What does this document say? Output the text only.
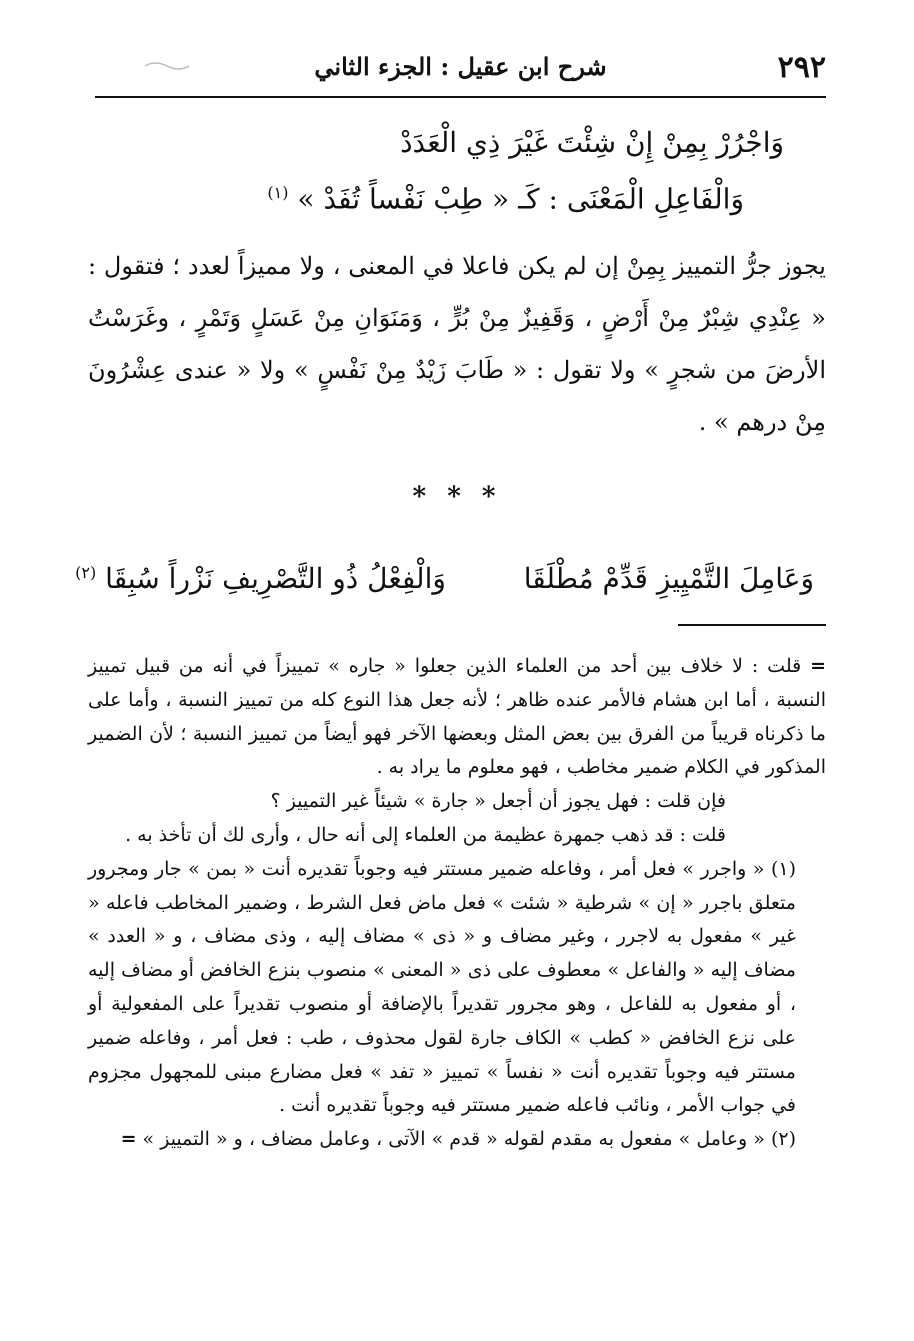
٢٩٢
شرح ابن عقيل : الجزء الثاني
وَاجْرُرْ بِمِنْ إِنْ شِئْتَ غَيْرَ ذِي الْعَدَدْ
وَالْفَاعِلِ الْمَعْنَى : كَـ « طِبْ نَفْساً تُفَدْ » $^{(١)}$
يجوز جرُّ التمييز بِمِنْ إن لم يكن فاعلا في المعنى ، ولا مميزاً لعدد ؛ فتقول : « عِنْدِي شِبْرٌ مِنْ أَرْضٍ ، وَقَفِيزٌ مِنْ بُرٍّ ، وَمَنَوَانِ مِنْ عَسَلٍ وَتَمْرٍ ، وغَرَسْتُ الأرضَ من شجرٍ » ولا تقول : « طَابَ زَيْدٌ مِنْ نَفْسٍ » ولا « عندى عِشْرُونَ مِنْ درهم » .
* * *
وَعَامِلَ التَّمْيِيزِ قَدِّمْ مُطْلَقَا  وَالْفِعْلُ ذُو التَّصْرِيفِ نَزْراً سُبِقَا $^{(٢)}$

= قلت : لا خلاف بين أحد من العلماء الذين جعلوا « جاره » تمييزاً في أنه من قبيل تمييز النسبة ، أما ابن هشام فالأمر عنده ظاهر ؛ لأنه جعل هذا النوع كله من تمييز النسبة ، وأما على ما ذكرناه قريباً من الفرق بين بعض المثل وبعضها الآخر فهو أيضاً من تمييز النسبة ؛ لأن الضمير المذكور في الكلام ضمير مخاطب ، فهو معلوم ما يراد به .

فإن قلت : فهل يجوز أن أجعل « جارة » شيئاً غير التمييز ؟

قلت : قد ذهب جمهرة عظيمة من العلماء إلى أنه حال ، وأرى لك أن تأخذ به .

(١) « واجرر » فعل أمر ، وفاعله ضمير مستتر فيه وجوباً تقديره أنت « بمن » جار ومجرور متعلق باجرر « إن » شرطية « شئت » فعل ماض فعل الشرط ، وضمير المخاطب فاعله « غير » مفعول به لاجرر ، وغير مضاف و « ذى » مضاف إليه ، وذى مضاف ، و « العدد » مضاف إليه « والفاعل » معطوف على ذى « المعنى » منصوب بنزع الخافض أو مضاف إليه ، أو مفعول به للفاعل ، وهو مجرور تقديراً بالإضافة أو منصوب تقديراً على المفعولية أو على نزع الخافض « كطب » الكاف جارة لقول محذوف ، طب : فعل أمر ، وفاعله ضمير مستتر فيه وجوباً تقديره أنت « نفساً » تمييز « تفد » فعل مضارع مبنى للمجهول مجزوم في جواب الأمر ، ونائب فاعله ضمير مستتر فيه وجوباً تقديره أنت .

(٢) « وعامل » مفعول به مقدم لقوله « قدم » الآتى ، وعامل مضاف ، و « التمييز » =
